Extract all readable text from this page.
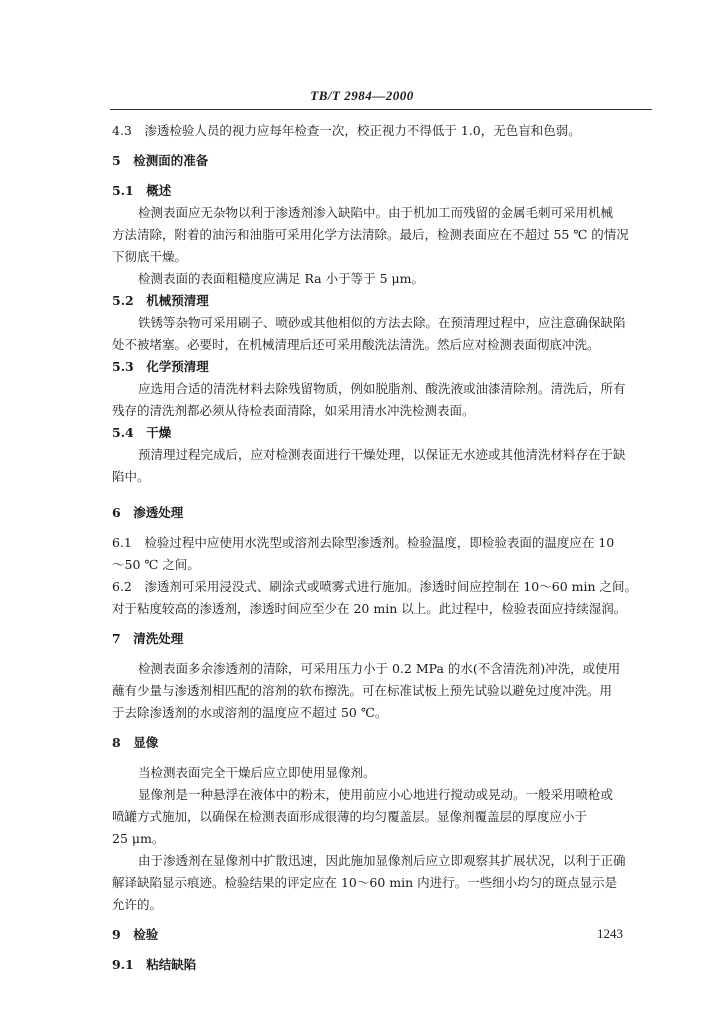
TB/T 2984—2000
4.3　渗透检验人员的视力应每年检查一次，校正视力不得低于 1.0，无色盲和色弱。
5　检测面的准备
5.1　概述
检测表面应无杂物以利于渗透剂渗入缺陷中。由于机加工而残留的金属毛刺可采用机械
方法清除，附着的油污和油脂可采用化学方法清除。最后，检测表面应在不超过 55 ℃ 的情况
下彻底干燥。
检测表面的表面粗糙度应满足 Ra 小于等于 5 μm。
5.2　机械预清理
铁锈等杂物可采用刷子、喷砂或其他相似的方法去除。在预清理过程中，应注意确保缺陷
处不被堵塞。必要时，在机械清理后还可采用酸洗法清洗。然后应对检测表面彻底冲洗。
5.3　化学预清理
应选用合适的清洗材料去除残留物质，例如脱脂剂、酸洗液或油漆清除剂。清洗后，所有
残存的清洗剂都必须从待检表面清除，如采用清水冲洗检测表面。
5.4　干燥
预清理过程完成后，应对检测表面进行干燥处理，以保证无水迹或其他清洗材料存在于缺
陷中。
6　渗透处理
6.1　检验过程中应使用水洗型或溶剂去除型渗透剂。检验温度，即检验表面的温度应在 10
～50 ℃ 之间。
6.2　渗透剂可采用浸没式、刷涂式或喷雾式进行施加。渗透时间应控制在 10～60 min 之间。
对于粘度较高的渗透剂，渗透时间应至少在 20 min 以上。此过程中，检验表面应持续湿润。
7　清洗处理
检测表面多余渗透剂的清除，可采用压力小于 0.2 MPa 的水(不含清洗剂)冲洗，或使用
蘸有少量与渗透剂相匹配的溶剂的软布擦洗。可在标准试板上预先试验以避免过度冲洗。用
于去除渗透剂的水或溶剂的温度应不超过 50 ℃。
8　显像
当检测表面完全干燥后应立即使用显像剂。
显像剂是一种悬浮在液体中的粉末，使用前应小心地进行搅动或晃动。一般采用喷枪或
喷罐方式施加，以确保在检测表面形成很薄的均匀覆盖层。显像剂覆盖层的厚度应小于
25 μm。
由于渗透剂在显像剂中扩散迅速，因此施加显像剂后应立即观察其扩展状况，以利于正确
解译缺陷显示痕迹。检验结果的评定应在 10～60 min 内进行。一些细小均匀的斑点显示是
允许的。
9　检验
9.1　粘结缺陷
1243
